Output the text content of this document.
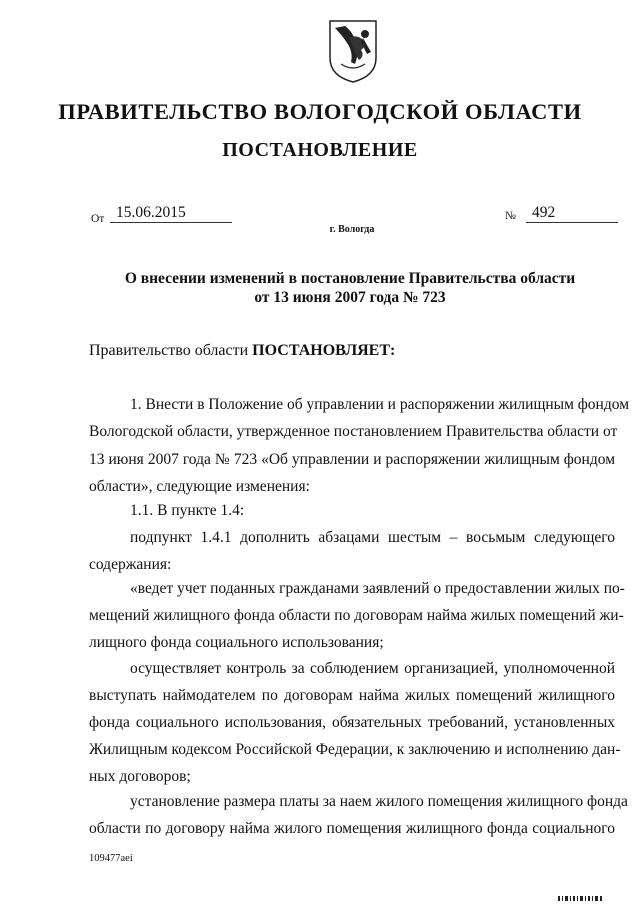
ПРАВИТЕЛЬСТВО ВОЛОГОДСКОЙ ОБЛАСТИ
ПОСТАНОВЛЕНИЕ
От 15.06.2015	№	492
г. Вологда
О внесении изменений в постановление Правительства области
от 13 июня 2007 года № 723
Правительство области ПОСТАНОВЛЯЕТ:
1. Внести в Положение об управлении и распоряжении жилищным фондом
Вологодской области, утвержденное постановлением Правительства области от
13 июня 2007 года № 723 «Об управлении и распоряжении жилищным фондом
области», следующие изменения:
1.1. В пункте 1.4:
подпункт 1.4.1 дополнить абзацами шестым – восьмым следующего
содержания:
«ведет учет поданных гражданами заявлений о предоставлении жилых по-
мещений жилищного фонда области по договорам найма жилых помещений жи-
лищного фонда социального использования;
осуществляет контроль за соблюдением организацией, уполномоченной
выступать наймодателем по договорам найма жилых помещений жилищного
фонда социального использования, обязательных требований, установленных
Жилищным кодексом Российской Федерации, к заключению и исполнению дан-
ных договоров;
установление размера платы за наем жилого помещения жилищного фонда
области по договору найма жилого помещения жилищного фонда социального
109477aei
